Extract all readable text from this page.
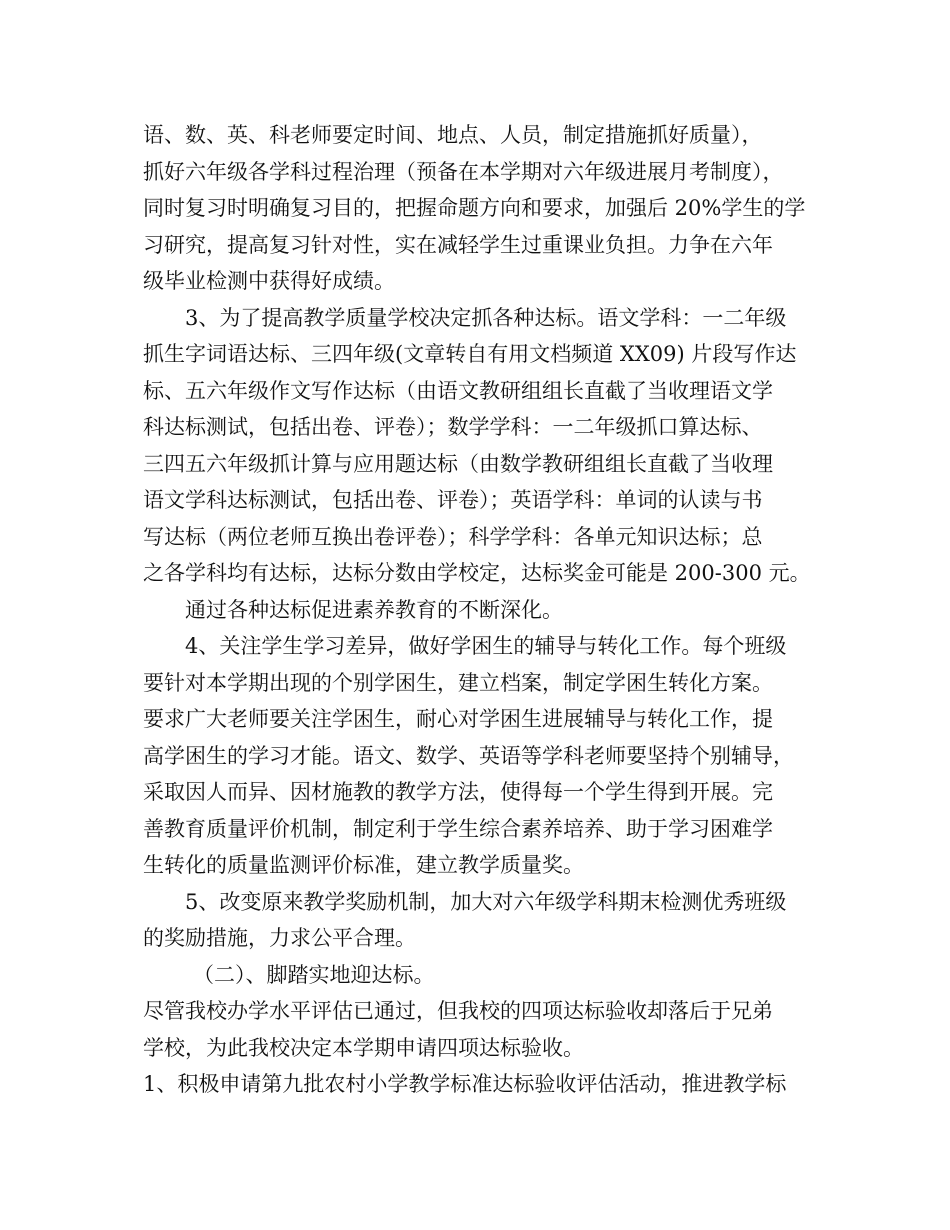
语、数、英、科老师要定时间、地点、人员，制定措施抓好质量），
抓好六年级各学科过程治理（预备在本学期对六年级进展月考制度），
同时复习时明确复习目的，把握命题方向和要求，加强后 20%学生的学
习研究，提高复习针对性，实在减轻学生过重课业负担。力争在六年
级毕业检测中获得好成绩。
3、为了提高教学质量学校决定抓各种达标。语文学科：一二年级
抓生字词语达标、三四年级(文章转自有用文档频道 XX09) 片段写作达
标、五六年级作文写作达标（由语文教研组组长直截了当收理语文学
科达标测试，包括出卷、评卷）；数学学科：一二年级抓口算达标、
三四五六年级抓计算与应用题达标（由数学教研组组长直截了当收理
语文学科达标测试，包括出卷、评卷）；英语学科：单词的认读与书
写达标（两位老师互换出卷评卷）；科学学科：各单元知识达标；总
之各学科均有达标，达标分数由学校定，达标奖金可能是 200-300 元。
通过各种达标促进素养教育的不断深化。
4、关注学生学习差异，做好学困生的辅导与转化工作。每个班级
要针对本学期出现的个别学困生，建立档案，制定学困生转化方案。
要求广大老师要关注学困生，耐心对学困生进展辅导与转化工作，提
高学困生的学习才能。语文、数学、英语等学科老师要坚持个别辅导，
采取因人而异、因材施教的教学方法，使得每一个学生得到开展。完
善教育质量评价机制，制定利于学生综合素养培养、助于学习困难学
生转化的质量监测评价标准，建立教学质量奖。
5、改变原来教学奖励机制，加大对六年级学科期末检测优秀班级
的奖励措施，力求公平合理。
（二）、脚踏实地迎达标。
尽管我校办学水平评估已通过，但我校的四项达标验收却落后于兄弟
学校，为此我校决定本学期申请四项达标验收。
1、积极申请第九批农村小学教学标准达标验收评估活动，推进教学标
